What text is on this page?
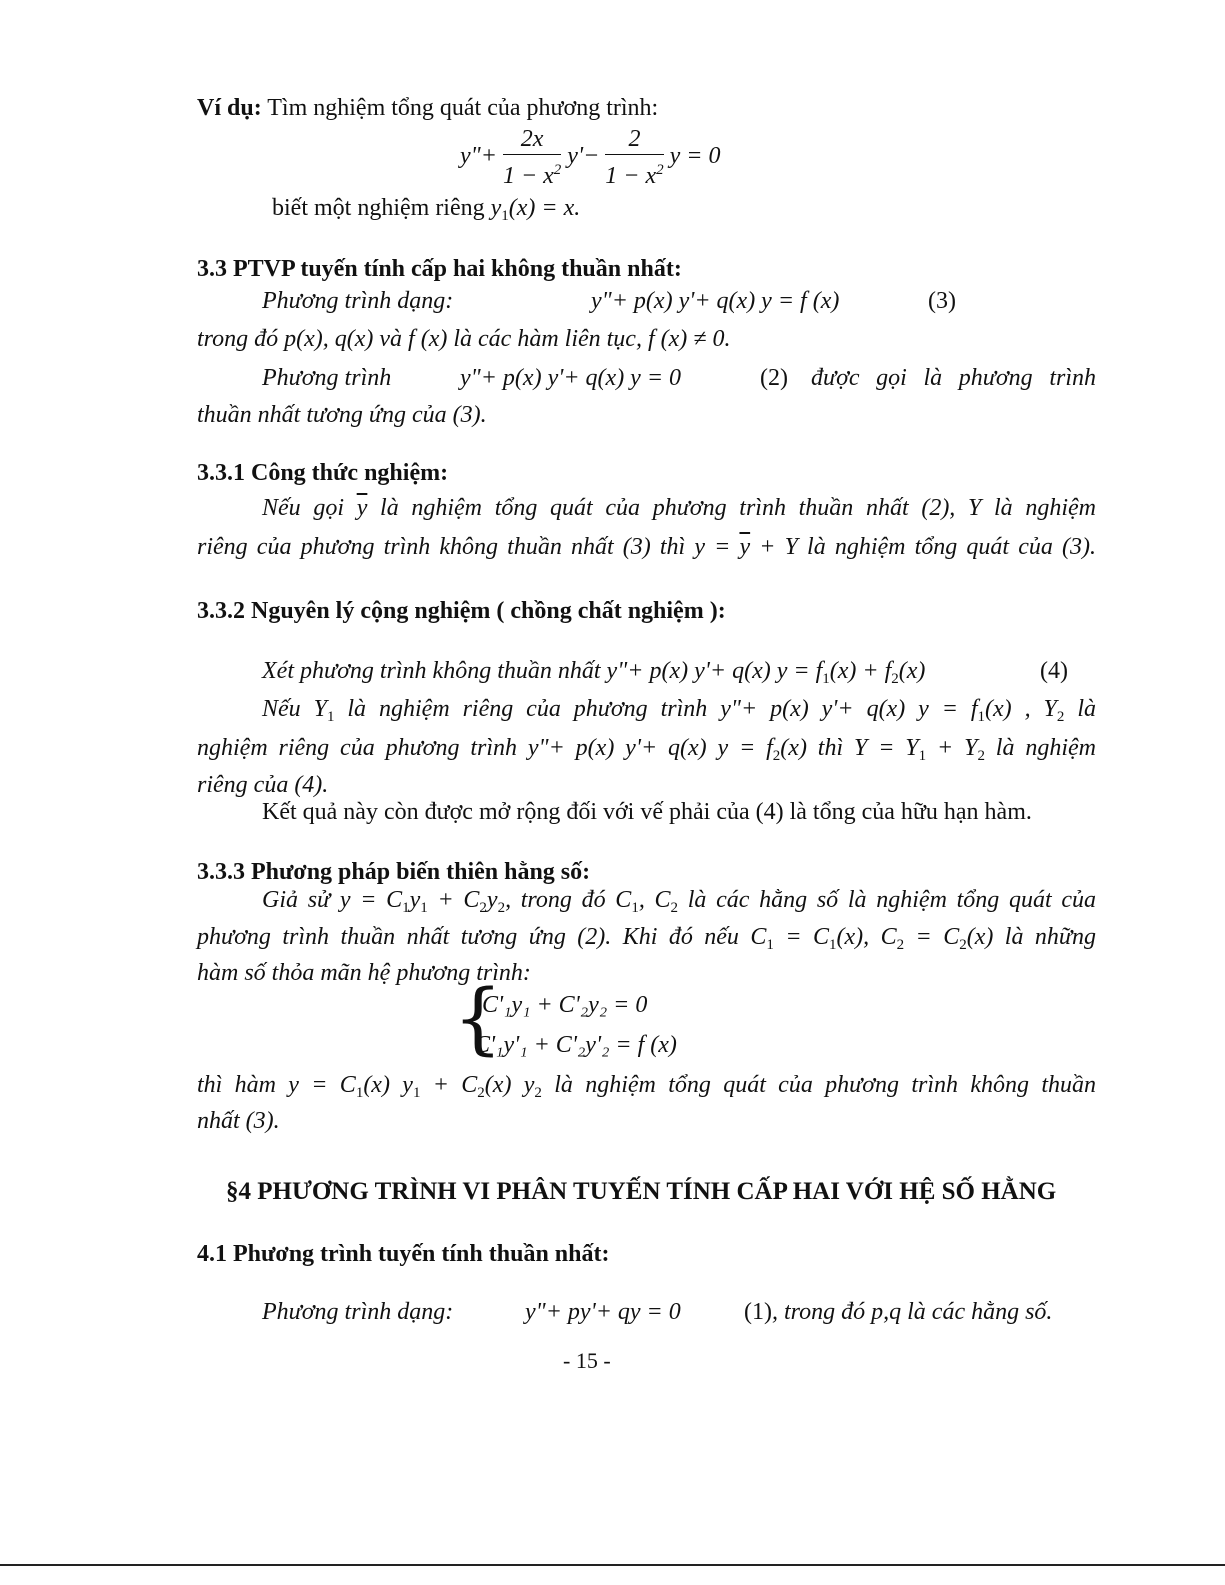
Ví dụ: Tìm nghiệm tổng quát của phương trình:
y"+ $\frac{2x}{1 - x^2} y'- \frac{2}{1 - x^2}$ y = 0
biết một nghiệm riêng $y_1(x) = x$.
3.3 PTVP tuyến tính cấp hai không thuần nhất:
Phương trình dạng:	y"+ p(x) y'+ q(x) y = f (x)	(3)
trong đó p(x), q(x) và f (x) là các hàm liên tục, f (x) ≠ 0.
Phương trình	y"+ p(x) y'+ q(x) y = 0	(2) được gọi là phương trình
thuần nhất tương ứng của (3).
3.3.1 Công thức nghiệm:
Nếu gọi $\overline{y}$ là nghiệm tổng quát của phương trình thuần nhất (2), Y là nghiệm
riêng của phương trình không thuần nhất (3) thì $y = \overline{y} + Y$ là nghiệm tổng quát của (3).
3.3.2 Nguyên lý cộng nghiệm ( chồng chất nghiệm ):
Xét phương trình không thuần nhất y"+ p(x) y'+ q(x) $y = f_1(x) + f_2(x)$	(4)
Nếu $Y_1$ là nghiệm riêng của phương trình y"+ p(x) y'+ q(x) $y = f_1(x)$ , $Y_2$ là
nghiệm riêng của phương trình y"+ p(x) y'+ q(x) $y = f_2(x)$ thì $Y = Y_1 + Y_2$ là nghiệm
riêng của (4).
Kết quả này còn được mở rộng đối với vế phải của (4) là tổng của hữu hạn hàm.
3.3.3 Phương pháp biến thiên hằng số:
Giả sử $y = C_1y_1 + C_2y_2$, trong đó $C_1$, $C_2$ là các hằng số là nghiệm tổng quát của
phương trình thuần nhất tương ứng (2). Khi đó nếu $C_1 = C_1(x)$, $C_2 = C_2(x)$ là những
hàm số thỏa mãn hệ phương trình:
{
C'₁y₁ + C'₂y₂ = 0
C'₁y'₁ + C'₂y'₂ = f (x)
thì hàm $y = C_1(x) y_1 + C_2(x)$ $y_2$ là nghiệm tổng quát của phương trình không thuần
nhất (3).
§4 PHƯƠNG TRÌNH VI PHÂN TUYẾN TÍNH CẤP HAI VỚI HỆ SỐ HẰNG
4.1 Phương trình tuyến tính thuần nhất:
Phương trình dạng:	y"+ py'+ qy = 0	(1) , trong đó p,q là các hằng số.
- 15 -
